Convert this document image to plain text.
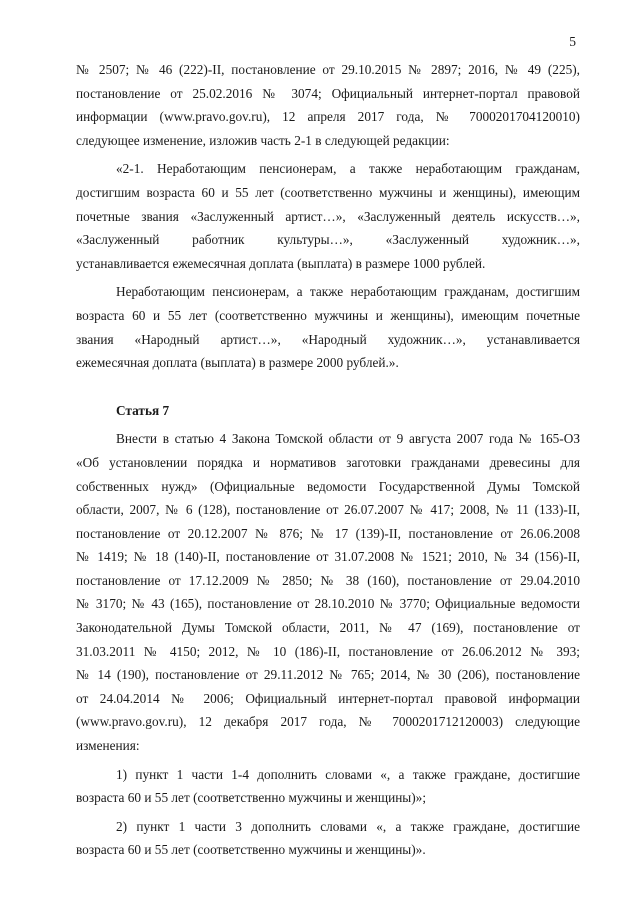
5

№ 2507; № 46 (222)-II, постановление от 29.10.2015 № 2897; 2016, № 49 (225),
постановление от 25.02.2016 № 3074; Официальный интернет-портал правовой
информации (www.pravo.gov.ru), 12 апреля 2017 года, № 7000201704120010)

следующее изменение, изложив часть 2-1 в следующей редакции:

«2-1. Неработающим пенсионерам, а также неработающим гражданам,

достигшим возраста 60 и 55 лет (соответственно мужчины и женщины), имеющим
почетные звания «Заслуженный артист…», «Заслуженный деятель искусств…»,
«Заслуженный работник культуры…», «Заслуженный художник…»,

устанавливается ежемесячная доплата (выплата) в размере 1000 рублей.

Неработающим пенсионерам, а также неработающим гражданам, достигшим

возраста 60 и 55 лет (соответственно мужчины и женщины), имеющим почетные
звания «Народный артист…», «Народный художник…», устанавливается

ежемесячная доплата (выплата) в размере 2000 рублей.».

Статья 7

Внести в статью 4 Закона Томской области от 9 августа 2007 года № 165-ОЗ

«Об установлении порядка и нормативов заготовки гражданами древесины для
собственных нужд» (Официальные ведомости Государственной Думы Томской
области, 2007, № 6 (128), постановление от 26.07.2007 № 417; 2008, № 11 (133)-II,
постановление от 20.12.2007 № 876; № 17 (139)-II, постановление от 26.06.2008
№ 1419; № 18 (140)-II, постановление от 31.07.2008 № 1521; 2010, № 34 (156)-II,
постановление от 17.12.2009 № 2850; № 38 (160), постановление от 29.04.2010
№ 3170; № 43 (165), постановление от 28.10.2010 № 3770; Официальные ведомости
Законодательной Думы Томской области, 2011, № 47 (169), постановление от
31.03.2011 № 4150; 2012, № 10 (186)-II, постановление от 26.06.2012 № 393;
№ 14 (190), постановление от 29.11.2012 № 765; 2014, № 30 (206), постановление
от 24.04.2014 № 2006; Официальный интернет-портал правовой информации
(www.pravo.gov.ru), 12 декабря 2017 года, № 7000201712120003) следующие

изменения:

1) пункт 1 части 1-4 дополнить словами «, а также граждане, достигшие

возраста 60 и 55 лет (соответственно мужчины и женщины)»;

2) пункт 1 части 3 дополнить словами «, а также граждане, достигшие

возраста 60 и 55 лет (соответственно мужчины и женщины)».
